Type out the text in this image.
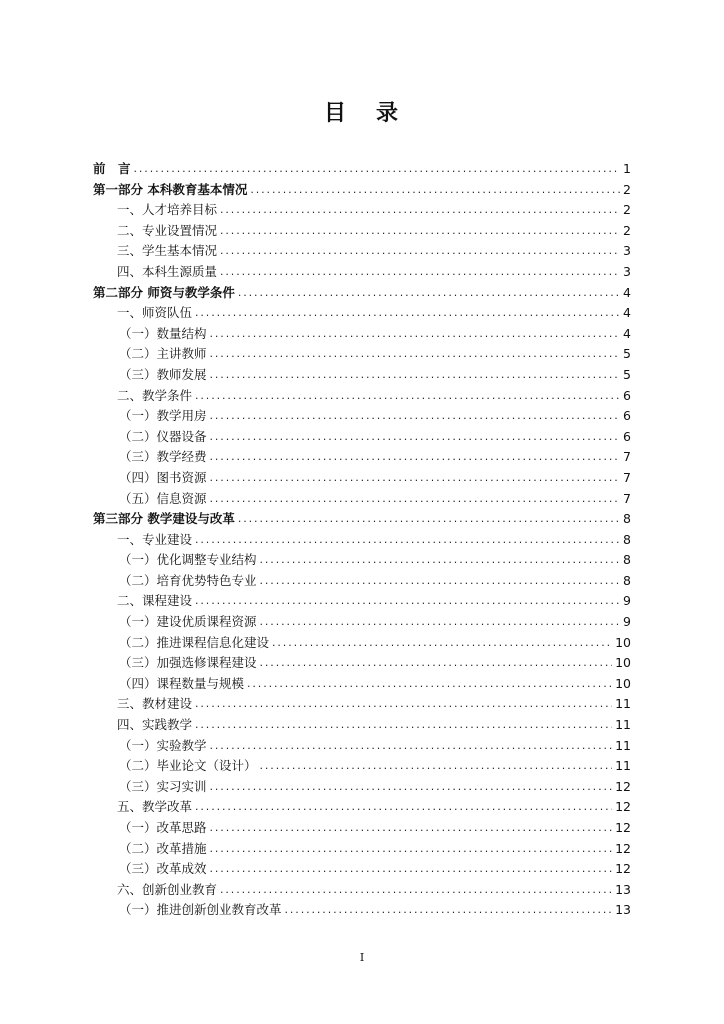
目 录
前　言 .....	1
第一部分 本科教育基本情况 .....	2
一、人才培养目标 .....	2
二、专业设置情况 .....	2
三、学生基本情况 .....	3
四、本科生源质量 .....	3
第二部分 师资与教学条件 .....	4
一、师资队伍 .....	4
（一）数量结构 .....	4
（二）主讲教师 .....	5
（三）教师发展 .....	5
二、教学条件 .....	6
（一）教学用房 .....	6
（二）仪器设备 .....	6
（三）教学经费 .....	7
（四）图书资源 .....	7
（五）信息资源 .....	7
第三部分 教学建设与改革 .....	8
一、专业建设 .....	8
（一）优化调整专业结构 .....	8
（二）培育优势特色专业 .....	8
二、课程建设 .....	9
（一）建设优质课程资源 .....	9
（二）推进课程信息化建设 .....	10
（三）加强选修课程建设 .....	10
（四）课程数量与规模 .....	10
三、教材建设 .....	11
四、实践教学 .....	11
（一）实验教学 .....	11
（二）毕业论文（设计） .....	11
（三）实习实训 .....	12
五、教学改革 .....	12
（一）改革思路 .....	12
（二）改革措施 .....	12
（三）改革成效 .....	12
六、创新创业教育 .....	13
（一）推进创新创业教育改革 .....	13
I
